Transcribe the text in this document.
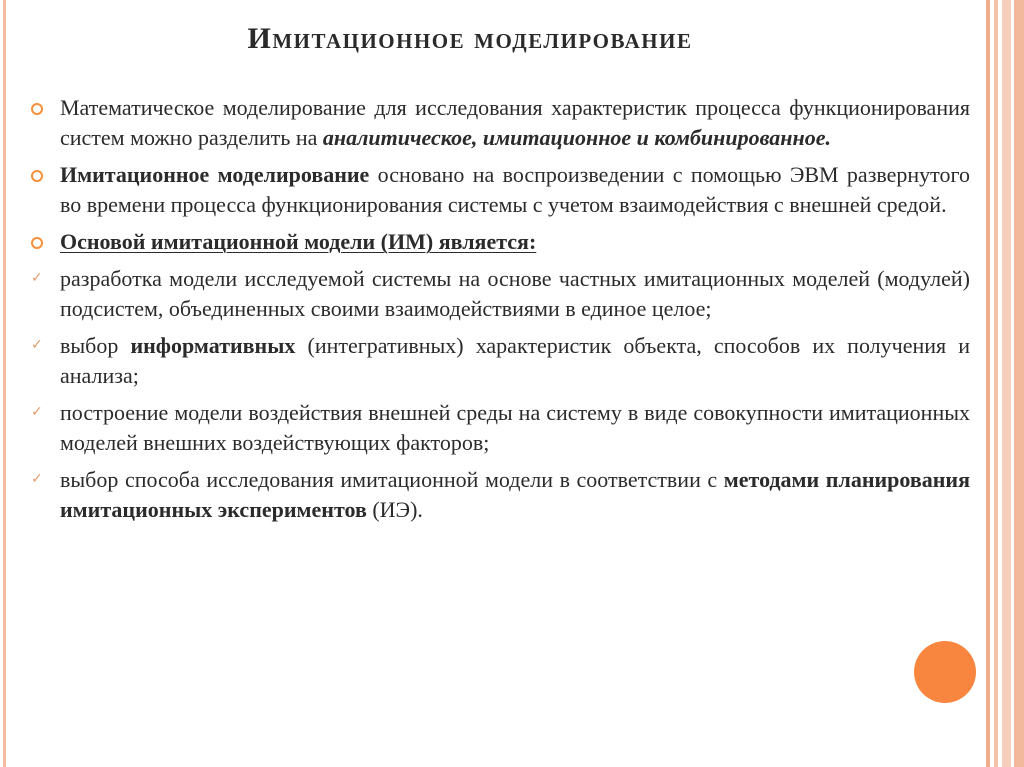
Имитационное моделирование
Математическое моделирование для исследования характеристик процесса функционирования систем можно разделить на аналитическое, имитационное и комбинированное.
Имитационное моделирование основано на воспроизведении с помощью ЭВМ развернутого во времени процесса функционирования системы с учетом взаимодействия с внешней средой.
Основой имитационной модели (ИМ) является:
✓ разработка модели исследуемой системы на основе частных имитационных моделей (модулей) подсистем, объединенных своими взаимодействиями в единое целое;
✓ выбор информативных (интегративных) характеристик объекта, способов их получения и анализа;
✓ построение модели воздействия внешней среды на систему в виде совокупности имитационных моделей внешних воздействующих факторов;
✓ выбор способа исследования имитационной модели в соответствии с методами планирования имитационных экспериментов (ИЭ).
